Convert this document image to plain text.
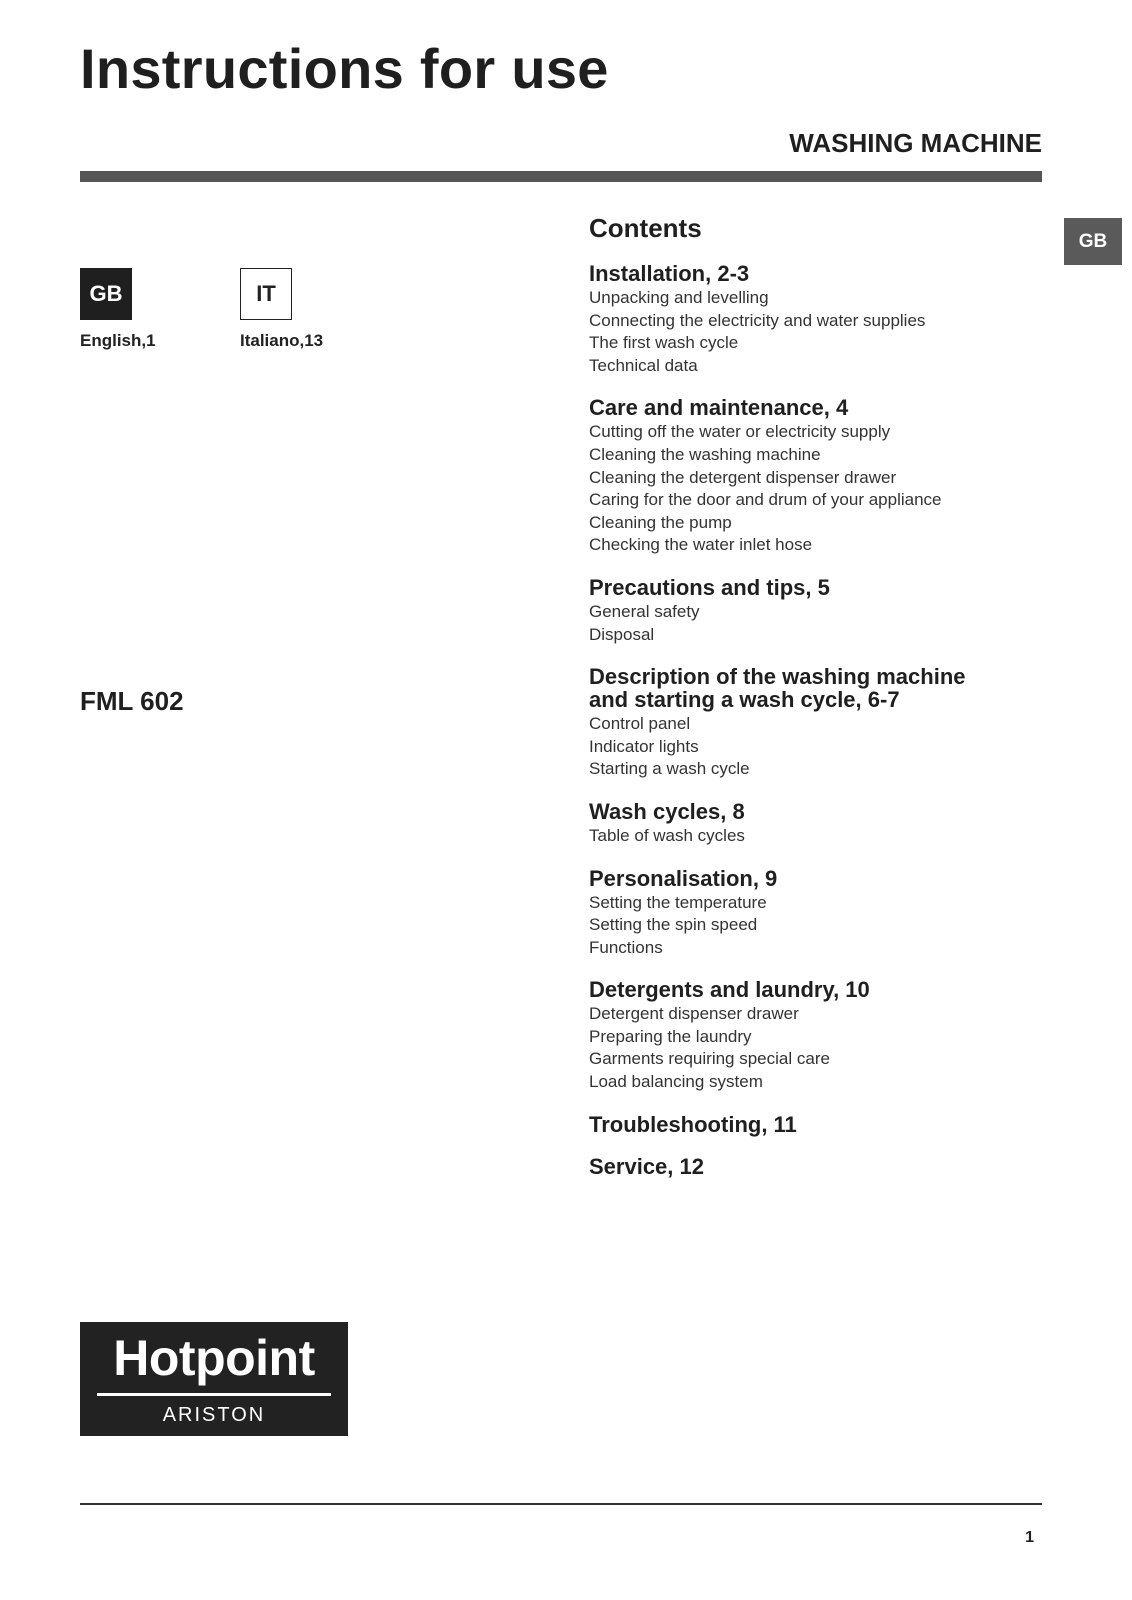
Instructions for use
WASHING MACHINE
GB
GB
English,1
IT
Italiano,13
FML 602
Contents
Installation, 2-3
Unpacking and levelling
Connecting the electricity and water supplies
The first wash cycle
Technical data
Care and maintenance, 4
Cutting off the water or electricity supply
Cleaning the washing machine
Cleaning the detergent dispenser drawer
Caring for the door and drum of your appliance
Cleaning the pump
Checking the water inlet hose
Precautions and tips, 5
General safety
Disposal
Description of the washing machine
and starting a wash cycle, 6-7
Control panel
Indicator lights
Starting a wash cycle
Wash cycles, 8
Table of wash cycles
Personalisation, 9
Setting the temperature
Setting the spin speed
Functions
Detergents and laundry, 10
Detergent dispenser drawer
Preparing the laundry
Garments requiring special care
Load balancing system
Troubleshooting, 11
Service, 12
Hotpoint
ARISTON
1
